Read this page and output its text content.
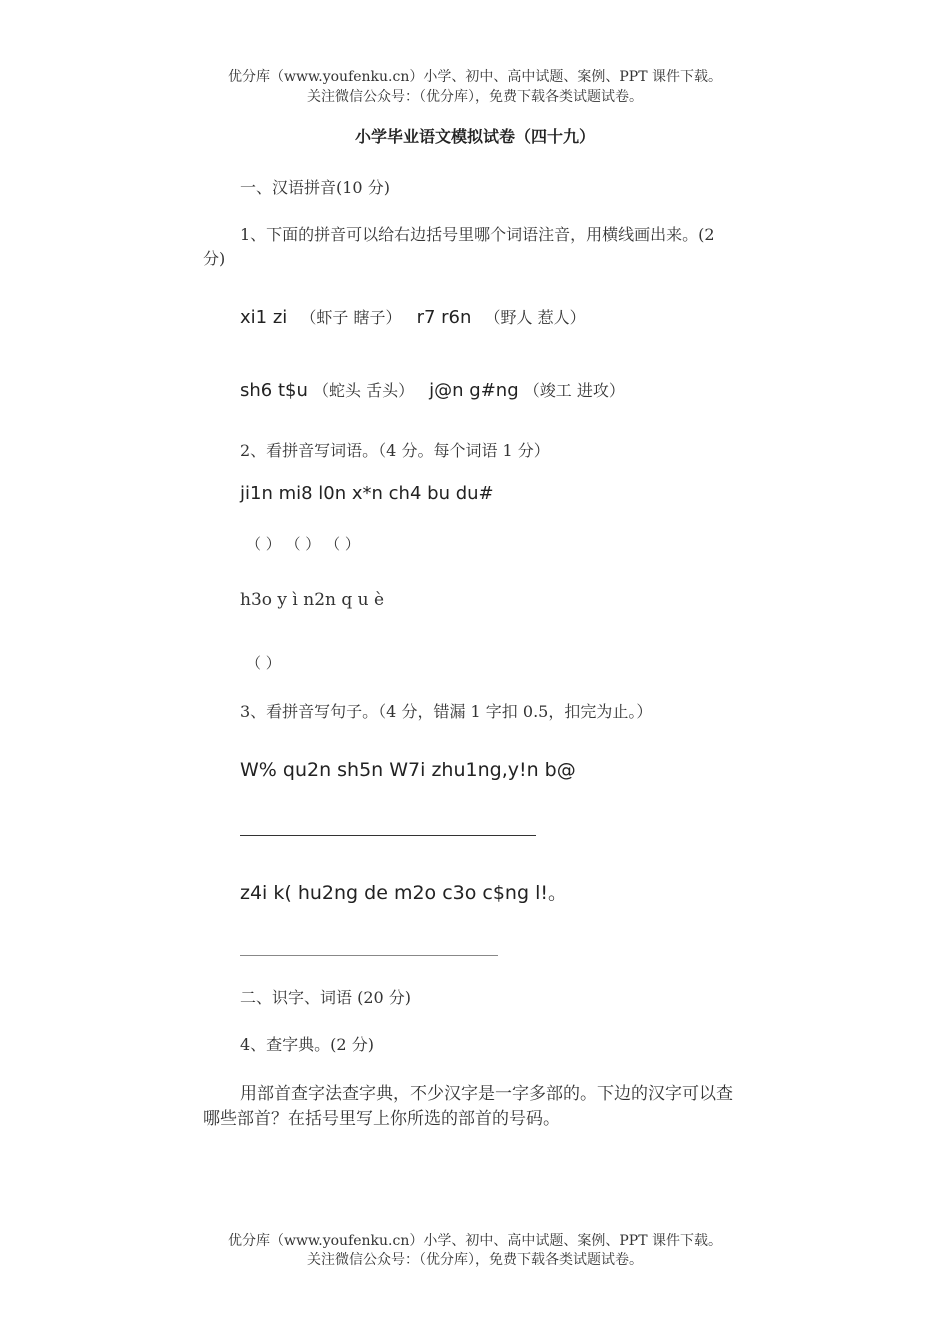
优分库（www.youfenku.cn）小学、初中、高中试题、案例、PPT 课件下载。
关注微信公众号：（优分库），免费下载各类试题试卷。
小学毕业语文模拟试卷（四十九）
一、汉语拼音(10 分)
1、下面的拼音可以给右边括号里哪个词语注音，用横线画出来。(2
分)
xi1 zi （虾子 瞎子） r7 r6n （野人 惹人）
sh6 t$u （蛇头 舌头） j@n g#ng （竣工 进攻）
2、看拼音写词语。（4 分。每个词语 1 分）
ji1n mi8 l0n x*n ch4 bu du#
（ ） （ ） （ ）
h3o y ì n2n q u è
（ ）
3、看拼音写句子。（4 分，错漏 1 字扣 0.5，扣完为止。）
W% qu2n sh5n W7i zhu1ng,y!n b@
z4i k( hu2ng de m2o c3o c$ng l!。
二、识字、词语 (20 分)
4、查字典。(2 分)
用部首查字法查字典，不少汉字是一字多部的。下边的汉字可以查
哪些部首？在括号里写上你所选的部首的号码。
优分库（www.youfenku.cn）小学、初中、高中试题、案例、PPT 课件下载。
关注微信公众号：（优分库），免费下载各类试题试卷。
